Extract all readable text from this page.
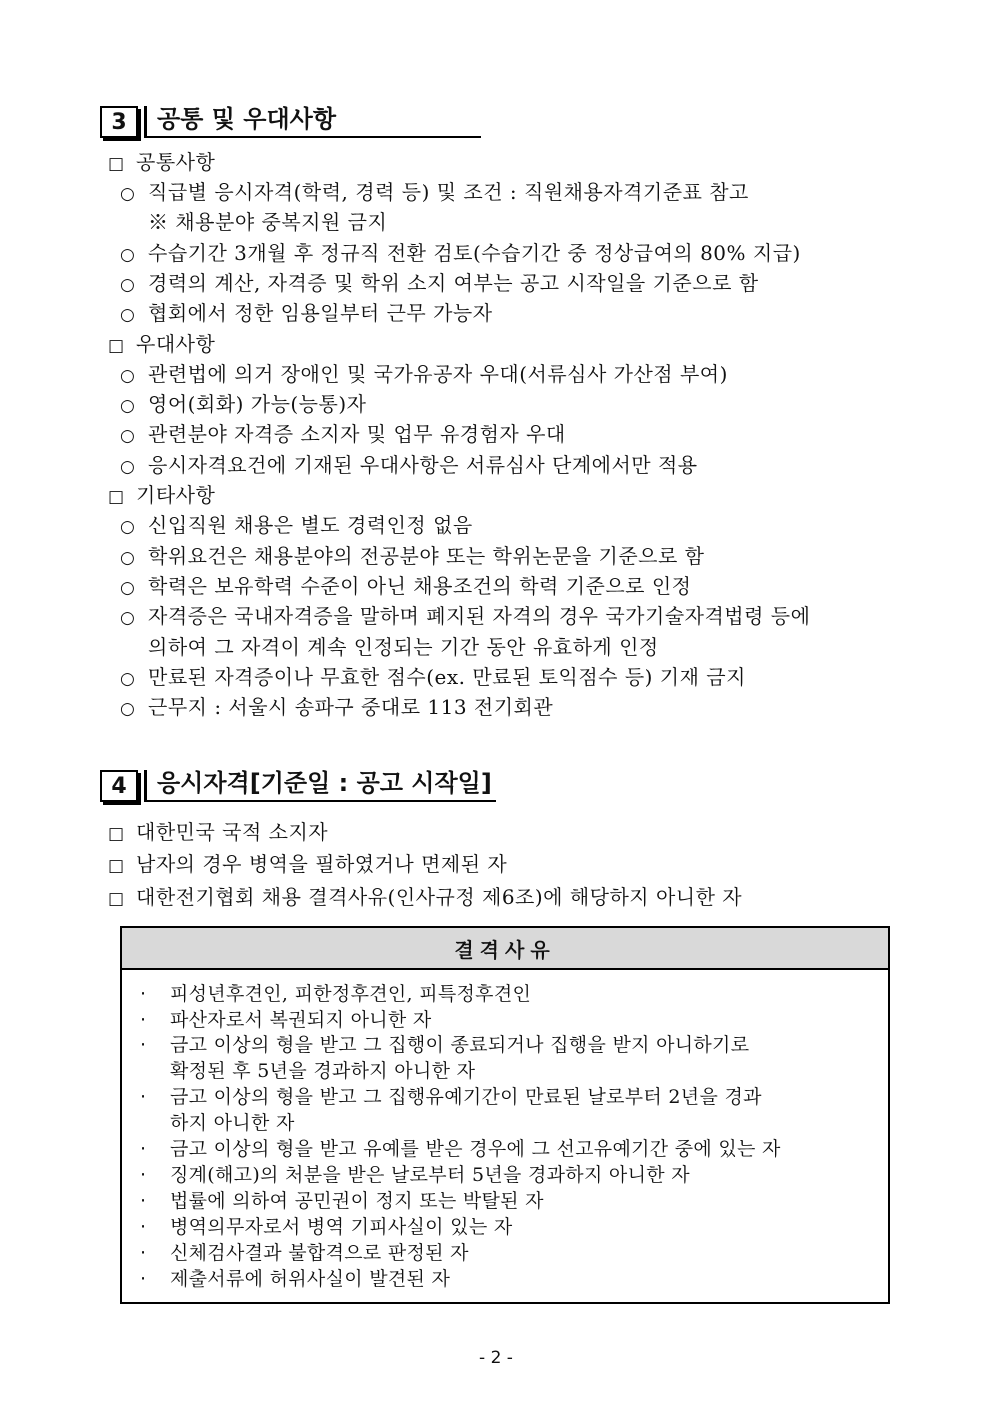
3	공통 및 우대사항
□ 공통사항
○ 직급별 응시자격(학력, 경력 등) 및 조건 : 직원채용자격기준표 참고
※ 채용분야 중복지원 금지
○ 수습기간 3개월 후 정규직 전환 검토(수습기간 중 정상급여의 80% 지급)
○ 경력의 계산, 자격증 및 학위 소지 여부는 공고 시작일을 기준으로 함
○ 협회에서 정한 임용일부터 근무 가능자
□ 우대사항
○ 관련법에 의거 장애인 및 국가유공자 우대(서류심사 가산점 부여)
○ 영어(회화) 가능(능통)자
○ 관련분야 자격증 소지자 및 업무 유경험자 우대
○ 응시자격요건에 기재된 우대사항은 서류심사 단계에서만 적용
□ 기타사항
○ 신입직원 채용은 별도 경력인정 없음
○ 학위요건은 채용분야의 전공분야 또는 학위논문을 기준으로 함
○ 학력은 보유학력 수준이 아닌 채용조건의 학력 기준으로 인정
○ 자격증은 국내자격증을 말하며 폐지된 자격의 경우 국가기술자격법령 등에
의하여 그 자격이 계속 인정되는 기간 동안 유효하게 인정
○ 만료된 자격증이나 무효한 점수(ex. 만료된 토익점수 등) 기재 금지
○ 근무지 : 서울시 송파구 중대로 113 전기회관
4	응시자격[기준일 : 공고 시작일]
□ 대한민국 국적 소지자
□ 남자의 경우 병역을 필하였거나 면제된 자
□ 대한전기협회 채용 결격사유(인사규정 제6조)에 해당하지 아니한 자
결격사유
· 피성년후견인, 피한정후견인, 피특정후견인
· 파산자로서 복권되지 아니한 자
· 금고 이상의 형을 받고 그 집행이 종료되거나 집행을 받지 아니하기로
확정된 후 5년을 경과하지 아니한 자
· 금고 이상의 형을 받고 그 집행유예기간이 만료된 날로부터 2년을 경과
하지 아니한 자
· 금고 이상의 형을 받고 유예를 받은 경우에 그 선고유예기간 중에 있는 자
· 징계(해고)의 처분을 받은 날로부터 5년을 경과하지 아니한 자
· 법률에 의하여 공민권이 정지 또는 박탈된 자
· 병역의무자로서 병역 기피사실이 있는 자
· 신체검사결과 불합격으로 판정된 자
· 제출서류에 허위사실이 발견된 자
- 2 -
